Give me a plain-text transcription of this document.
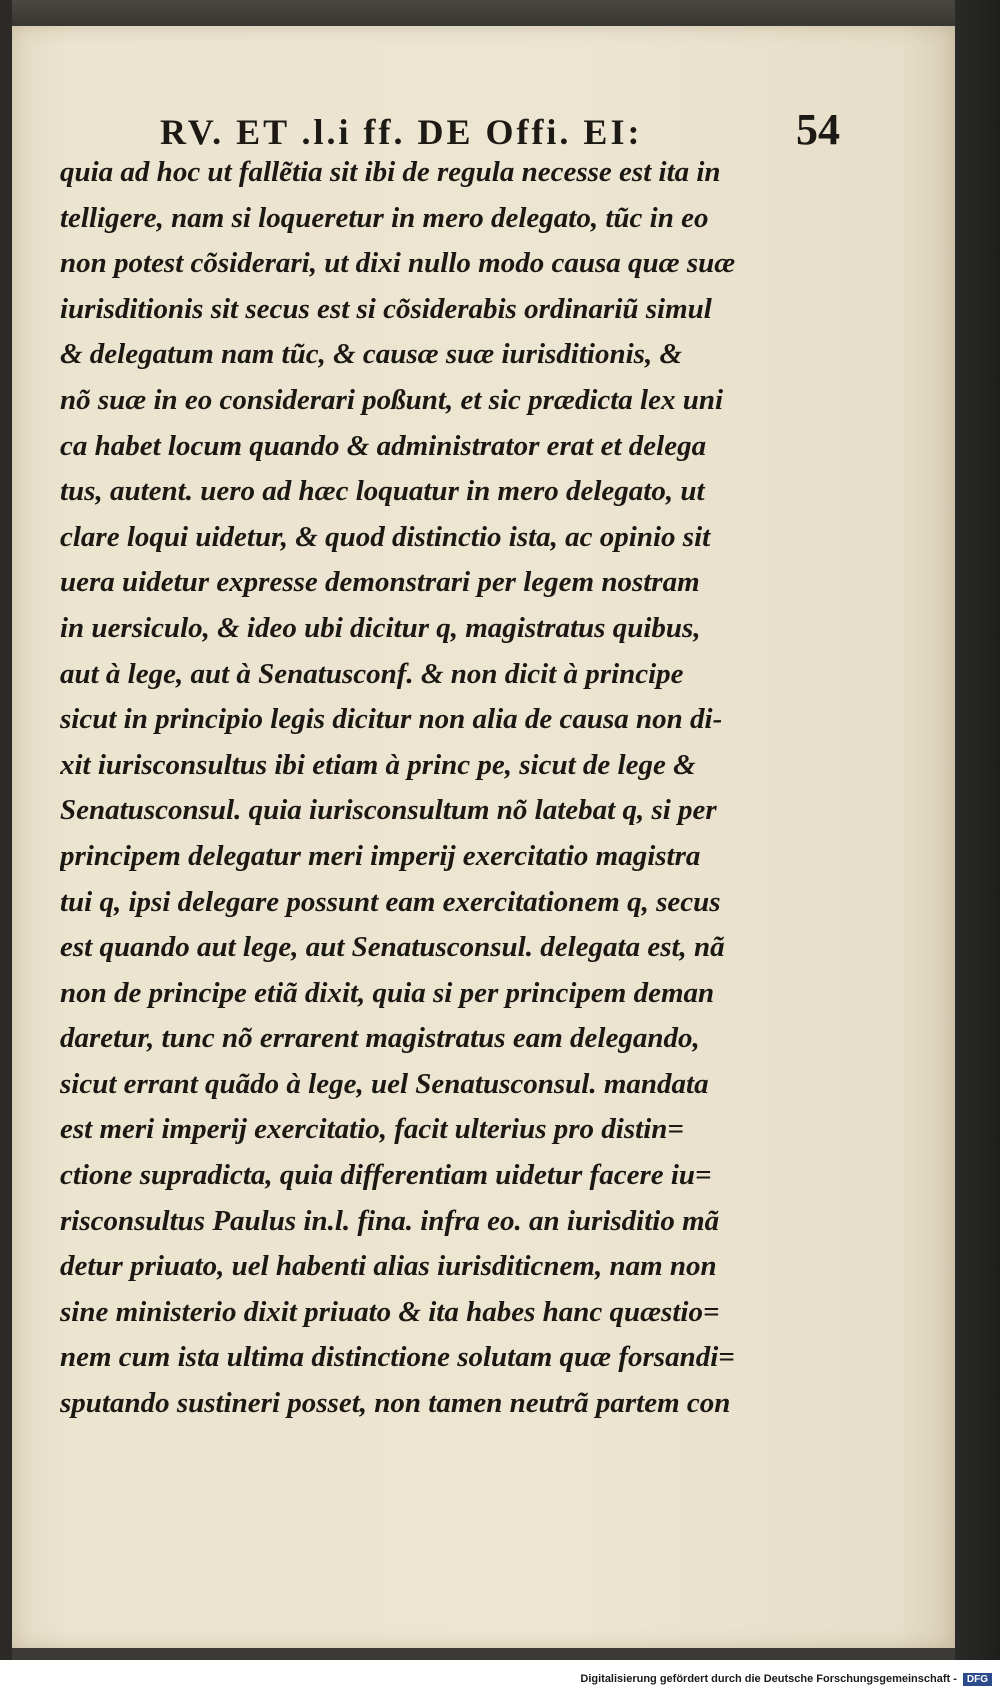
RV. ET .l.i ff. DE Offi. EI:	54
quia ad hoc ut fallẽtia sit ibi de regula necesse est ita in
telligere, nam si loqueretur in mero delegato, tũc in eo
non potest cõsiderari, ut dixi nullo modo causa quæ suæ
iurisditionis sit secus est si cõsiderabis ordinariũ simul
& delegatum nam tũc, & causæ suæ iurisditionis, &
nõ suæ in eo considerari poßunt, et sic prædicta lex uni
ca habet locum quando & administrator erat et delega
tus, autent. uero ad hæc loquatur in mero delegato, ut
clare loqui uidetur, & quod distinctio ista, ac opinio sit
uera uidetur expresse demonstrari per legem nostram
in uersiculo, & ideo ubi dicitur q, magistratus quibus,
aut à lege, aut à Senatusconf. & non dicit à principe
sicut in principio legis dicitur non alia de causa non di-
xit iurisconsultus ibi etiam à princ pe, sicut de lege &
Senatusconsul. quia iurisconsultum nõ latebat q, si per
principem delegatur meri imperij exercitatio magistra
tui q, ipsi delegare possunt eam exercitationem q, secus
est quando aut lege, aut Senatusconsul. delegata est, nã
non de principe etiã dixit, quia si per principem deman
daretur, tunc nõ errarent magistratus eam delegando,
sicut errant quãdo à lege, uel Senatusconsul. mandata
est meri imperij exercitatio, facit ulterius pro distin=
ctione supradicta, quia differentiam uidetur facere iu=
risconsultus Paulus in.l. fina. infra eo. an iurisditio mã
detur priuato, uel habenti alias iurisditicnem, nam non
sine ministerio dixit priuato & ita habes hanc quæstio=
nem cum ista ultima distinctione solutam quæ forsandi=
sputando sustineri posset, non tamen neutrã partem con
Digitalisierung gefördert durch die Deutsche Forschungsgemeinschaft -	DFG
